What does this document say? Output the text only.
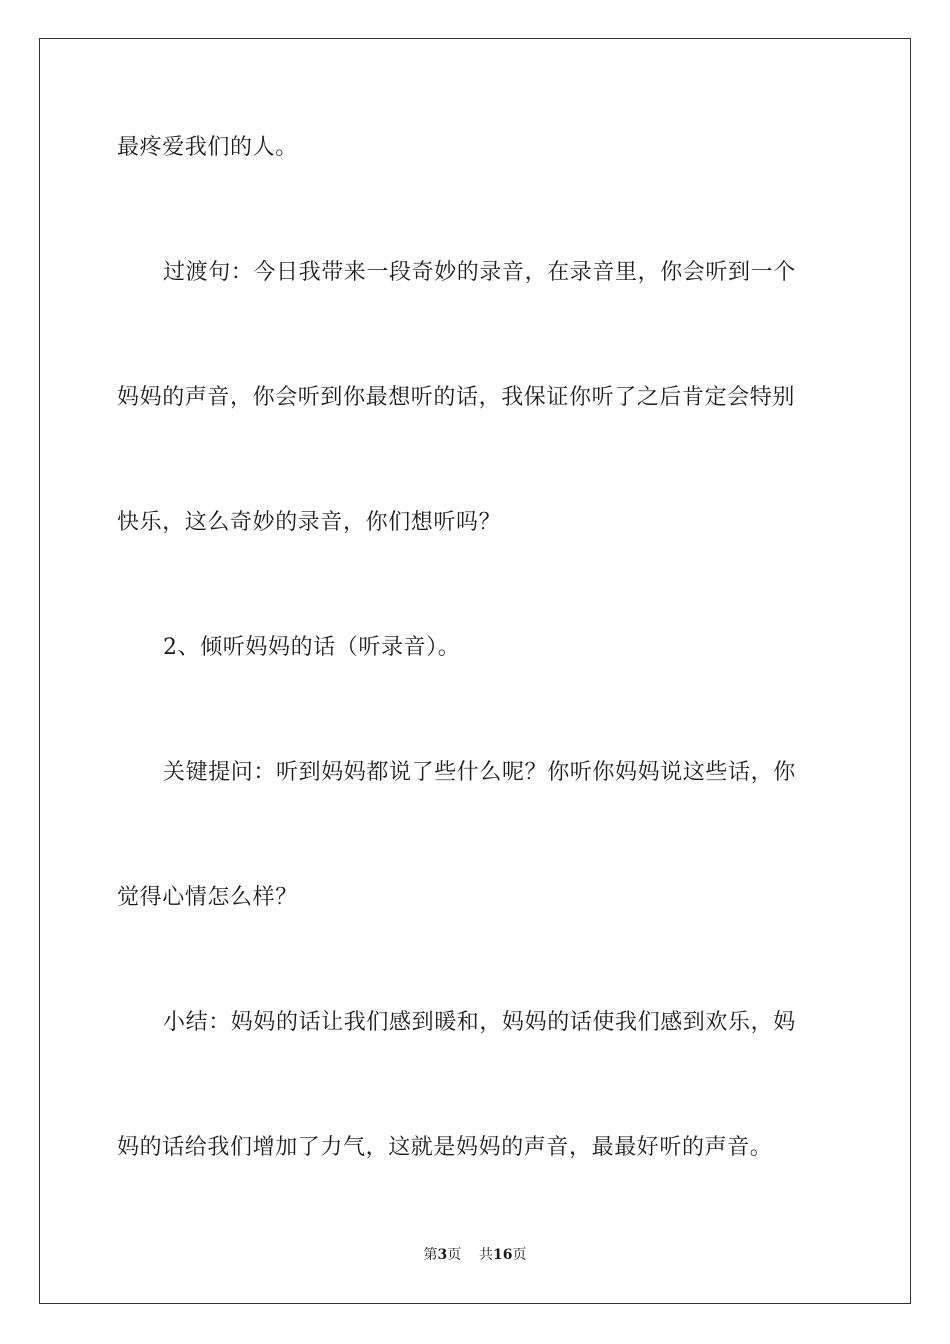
最疼爱我们的人。
过渡句：今日我带来一段奇妙的录音，在录音里，你会听到一个
妈妈的声音，你会听到你最想听的话，我保证你听了之后肯定会特别
快乐，这么奇妙的录音，你们想听吗？
2、倾听妈妈的话（听录音）。
关键提问：听到妈妈都说了些什么呢？你听你妈妈说这些话，你
觉得心情怎么样？
小结：妈妈的话让我们感到暖和，妈妈的话使我们感到欢乐，妈
妈的话给我们增加了力气，这就是妈妈的声音，最最好听的声音。
第3页 共16页
